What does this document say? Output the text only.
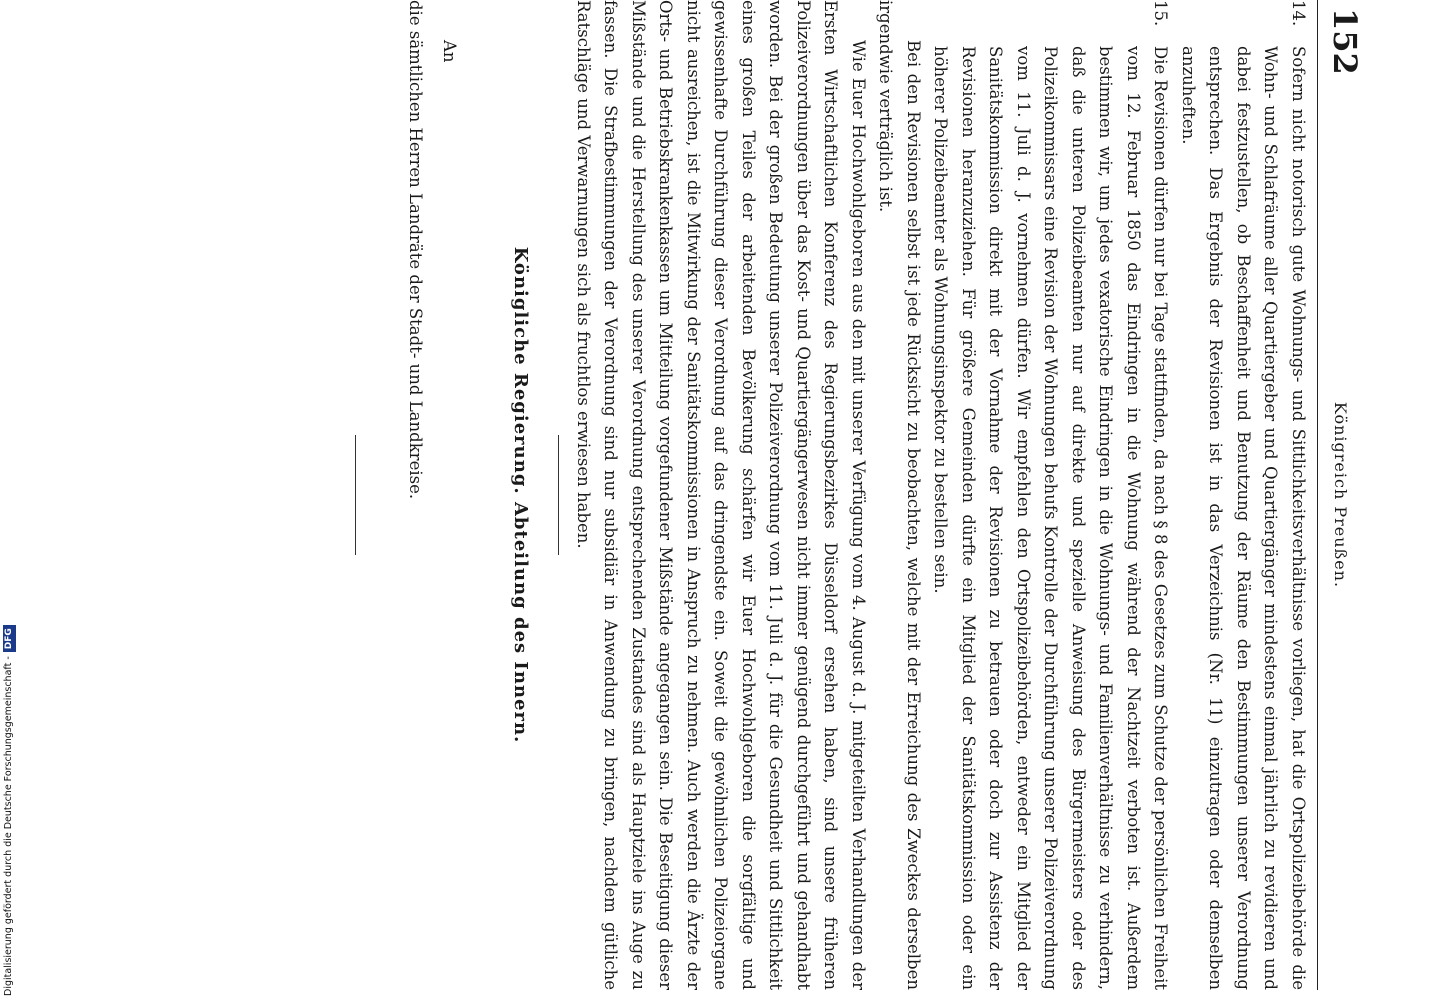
152
Königreich Preußen.

14.
Sofern nicht notorisch gute Wohnungs- und Sittlichkeitsverhältnisse vorliegen, hat die Ortspolizeibehörde die Wohn- und Schlafräume aller Quartiergeber und Quartiergänger mindestens einmal jährlich zu revidieren und dabei festzustellen, ob Beschaffenheit und Benutzung der Räume den Bestimmungen unserer Verordnung entsprechen. Das Ergebnis der Revisionen ist in das Verzeichnis (Nr. 11) einzutragen oder demselben anzuheften.

15.
Die Revisionen dürfen nur bei Tage stattfinden, da nach § 8 des Gesetzes zum Schutze der persönlichen Freiheit vom 12. Februar 1850 das Eindringen in die Wohnung während der Nachtzeit verboten ist. Außerdem bestimmen wir, um jedes vexatorische Eindringen in die Wohnungs- und Familienverhältnisse zu verhindern, daß die unteren Polizeibeamten nur auf direkte und spezielle Anweisung des Bürgermeisters oder des Polizeikommissars eine Revision der Wohnungen behufs Kontrolle der Durchführung unserer Polizeiverordnung vom 11. Juli d. J. vornehmen dürfen. Wir empfehlen den Ortspolizeibehörden, entweder ein Mitglied der Sanitätskommission direkt mit der Vornahme der Revisionen zu betrauen oder doch zur Assistenz der Revisionen heranzuziehen. Für größere Gemeinden dürfte ein Mitglied der Sanitätskommission oder ein höherer Polizeibeamter als Wohnungsinspektor zu bestellen sein.

Bei den Revisionen selbst ist jede Rücksicht zu beobachten, welche mit der Erreichung des Zweckes derselben irgendwie verträglich ist.

Wie Euer Hochwohlgeboren aus den mit unserer Verfügung vom 4. August d. J. mitgeteilten Verhandlungen der Ersten Wirtschaftlichen Konferenz des Regierungsbezirkes Düsseldorf ersehen haben, sind unsere früheren Polizeiverordnungen über das Kost- und Quartiergängerwesen nicht immer genügend durchgeführt und gehandhabt worden. Bei der großen Bedeutung unserer Polizeiverordnung vom 11. Juli d. J. für die Gesundheit und Sittlichkeit eines großen Teiles der arbeitenden Bevölkerung schärfen wir Euer Hochwohlgeboren die sorgfältige und gewissenhafte Durchführung dieser Verordnung auf das dringendste ein. Soweit die gewöhnlichen Polizeiorgane nicht ausreichen, ist die Mitwirkung der Sanitätskommissionen in Anspruch zu nehmen. Auch werden die Ärzte der Orts- und Betriebskrankenkassen um Mitteilung vorgefundener Mißstände angegangen sein. Die Beseitigung dieser Mißstände und die Herstellung des unserer Verordnung entsprechenden Zustandes sind als Hauptziele ins Auge zu fassen. Die Strafbestimmungen der Verordnung sind nur subsidiär in Anwendung zu bringen, nachdem gütliche Ratschläge und Verwarnungen sich als fruchtlos erwiesen haben.

Königliche Regierung. Abteilung des Innern.
An
die sämtlichen Herren Landräte der Stadt- und Landkreise.
Digitalisierung gefördert durch die Deutsche Forschungsgemeinschaft -DFG
